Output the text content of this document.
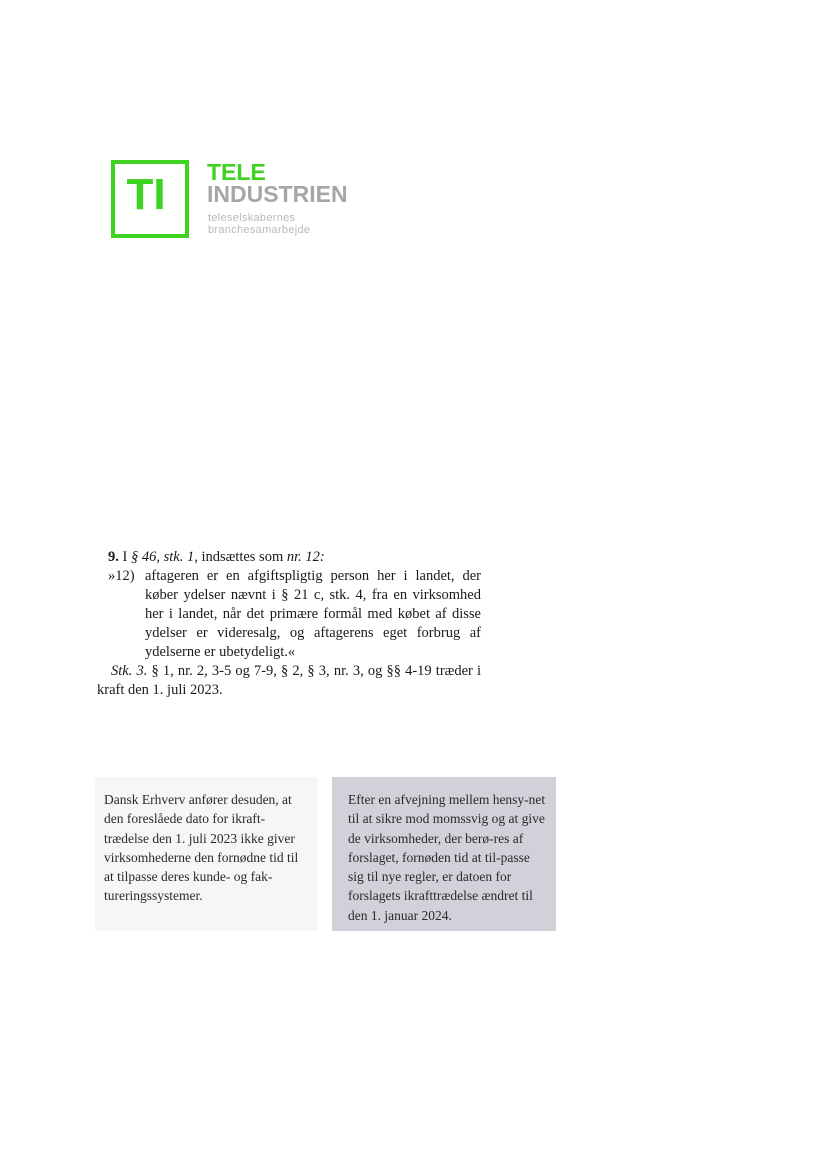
TI	TELE
INDUSTRIEN
teleselskabernes
branchesamarbejde

9. I § 46, stk. 1, indsættes som nr. 12:

»12) aftageren er en afgiftspligtig person her i landet, der køber ydelser nævnt i § 21 c, stk. 4, fra en virksomhed her i landet, når det primære formål med købet af disse ydelser er videresalg, og aftagerens eget forbrug af ydelserne er ubetydeligt.«

Stk. 3. § 1, nr. 2, 3-5 og 7-9, § 2, § 3, nr. 3, og §§ 4-19 træder i kraft den 1. juli 2023.

Dansk Erhverv anfører desuden, at den foreslåede dato for ikraft-trædelse den 1. juli 2023 ikke giver virksomhederne den fornødne tid til at tilpasse deres kunde- og fak-tureringssystemer.
Efter en afvejning mellem hensy-net til at sikre mod momssvig og at give de virksomheder, der berø-res af forslaget, fornøden tid at til-passe sig til nye regler, er datoen for forslagets ikrafttrædelse ændret til den 1. januar 2024.
